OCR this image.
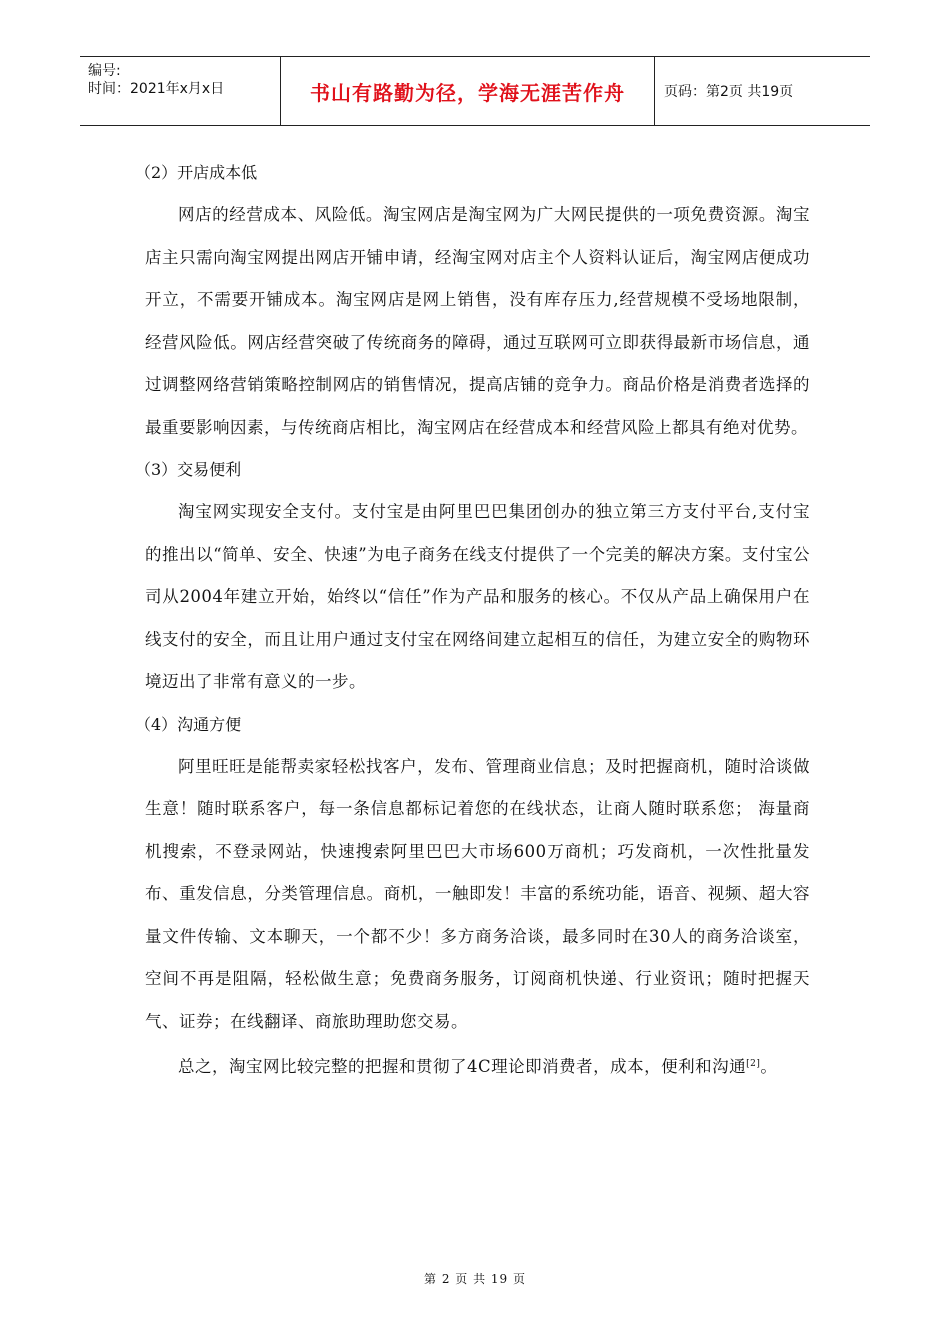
编号:
时间：2021年x月x日	书山有路勤为径，学海无涯苦作舟	页码：第2页 共19页

（2）开店成本低

网店的经营成本、风险低。淘宝网店是淘宝网为广大网民提供的一项免费资源。淘宝店主只需向淘宝网提出网店开铺申请，经淘宝网对店主个人资料认证后，淘宝网店便成功开立，不需要开铺成本。淘宝网店是网上销售，没有库存压力,经营规模不受场地限制，经营风险低。网店经营突破了传统商务的障碍，通过互联网可立即获得最新市场信息，通过调整网络营销策略控制网店的销售情况，提高店铺的竞争力。商品价格是消费者选择的最重要影响因素，与传统商店相比，淘宝网店在经营成本和经营风险上都具有绝对优势。

（3）交易便利

淘宝网实现安全支付。支付宝是由阿里巴巴集团创办的独立第三方支付平台,支付宝的推出以“简单、安全、快速”为电子商务在线支付提供了一个完美的解决方案。支付宝公司从2004年建立开始，始终以“信任”作为产品和服务的核心。不仅从产品上确保用户在线支付的安全，而且让用户通过支付宝在网络间建立起相互的信任，为建立安全的购物环境迈出了非常有意义的一步。

（4）沟通方便

阿里旺旺是能帮卖家轻松找客户，发布、管理商业信息；及时把握商机，随时洽谈做生意！随时联系客户，每一条信息都标记着您的在线状态，让商人随时联系您； 海量商机搜索，不登录网站，快速搜索阿里巴巴大市场600万商机；巧发商机，一次性批量发布、重发信息，分类管理信息。商机，一触即发！丰富的系统功能，语音、视频、超大容量文件传输、文本聊天，一个都不少！多方商务洽谈，最多同时在30人的商务洽谈室，空间不再是阻隔，轻松做生意；免费商务服务，订阅商机快递、行业资讯；随时把握天气、证券；在线翻译、商旅助理助您交易。

总之，淘宝网比较完整的把握和贯彻了4C理论即消费者，成本，便利和沟通[2]。

第 2 页 共 19 页
